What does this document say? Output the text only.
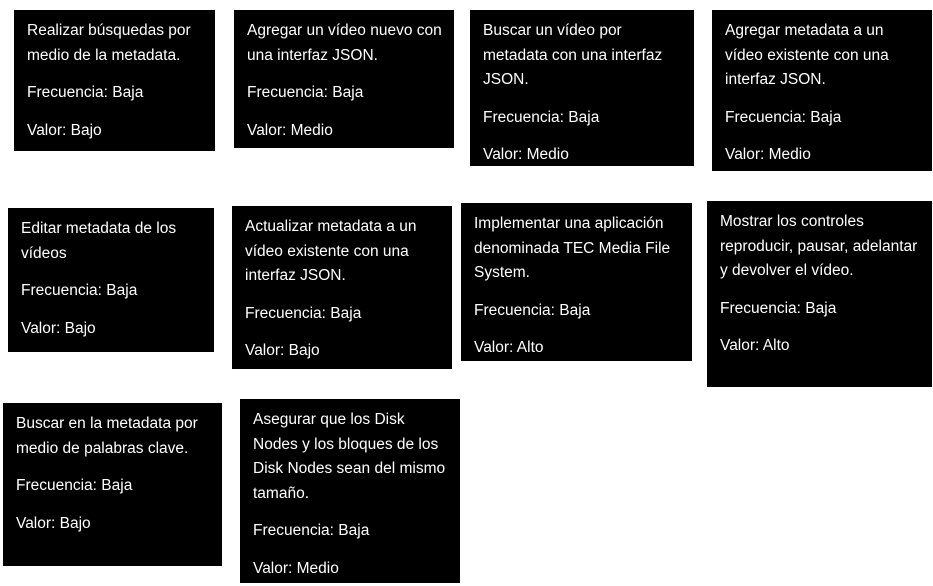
Realizar búsquedas por medio de la metadata.
Frecuencia: Baja
Valor: Bajo
Agregar un vídeo nuevo con una interfaz JSON.
Frecuencia: Baja
Valor: Medio
Buscar un vídeo por metadata con una interfaz JSON.
Frecuencia: Baja
Valor: Medio
Agregar metadata a un vídeo existente con una interfaz JSON.
Frecuencia: Baja
Valor: Medio
Editar metadata de los vídeos
Frecuencia: Baja
Valor: Bajo
Actualizar metadata a un vídeo existente con una interfaz JSON.
Frecuencia: Baja
Valor: Bajo
Implementar una aplicación denominada TEC Media File System.
Frecuencia: Baja
Valor: Alto
Mostrar los controles reproducir, pausar, adelantar y devolver el vídeo.
Frecuencia: Baja
Valor: Alto
Buscar en la metadata por medio de palabras clave.
Frecuencia: Baja
Valor: Bajo
Asegurar que los Disk Nodes y los bloques de los Disk Nodes sean del mismo tamaño.
Frecuencia: Baja
Valor: Medio
